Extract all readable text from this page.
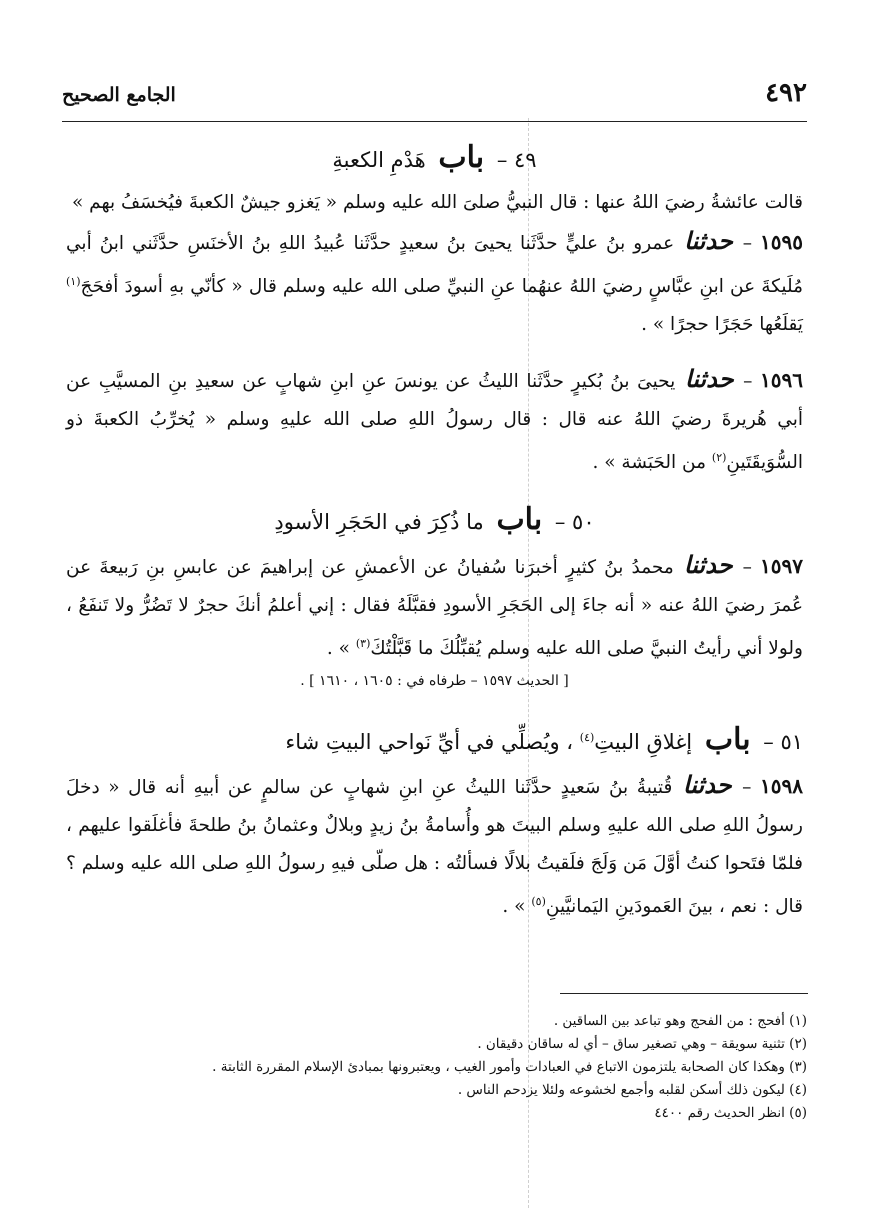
٤٩٢
الجامع الصحيح
٤٩ – باب هَدْمِ الكعبةِ

قالت عائشةُ رضيَ اللهُ عنها : قال النبيُّ صلىَ الله عليه وسلم « يَغزو جيشٌ الكعبةَ فيُخسَفُ بهم »

١٥٩٥ – حدثنا عمرو بنُ عليٍّ حدَّثَنا يحيىَ بنُ سعيدٍ حدَّثَنا عُبيدُ اللهِ بنُ الأخنَسِ حدَّثَني ابنُ أبي مُلَيكةَ عن ابنِ عبَّاسٍ رضيَ اللهُ عنهُما عنِ النبيِّ صلى الله عليه وسلم قال « كأنّي بهِ أسودَ أفحَجَ$^{(١)}$ يَقلَعُها حَجَرًا حجرًا » .

١٥٩٦ – حدثنا يحيىَ بنُ بُكيرٍ حدَّثَنا الليثُ عن يونسَ عنِ ابنِ شهابٍ عن سعيدِ بنِ المسيَّبِ عن أبي هُريرةَ رضيَ اللهُ عنه قال : قال رسولُ اللهِ صلى الله عليهِ وسلم « يُخرِّبُ الكعبةَ ذو السُّوَيقَتَينِ$^{(٢)}$ من الحَبَشة » .

٥٠ – باب ما ذُكِرَ في الحَجَرِ الأسودِ

١٥٩٧ – حدثنا محمدُ بنُ كثيرٍ أخبرَنا سُفيانُ عن الأعمشِ عن إبراهيمَ عن عابسِ بنِ رَبيعةَ عن عُمرَ رضيَ اللهُ عنه « أنه جاءَ إلى الحَجَرِ الأسودِ فقبَّلَهُ فقال : إني أعلمُ أنكَ حجرٌ لا تَضُرُّ ولا تَنفَعُ ، ولولا أني رأيتُ النبيَّ صلى الله عليه وسلم يُقبِّلُكَ ما قَبَّلْتُكَ$^{(٣)}$ » .

[ الحديث ١٥٩٧ – طرفاه في : ١٦٠٥ ، ١٦١٠ ] .

٥١ – باب إغلاقِ البيتِ$^{(٤)}$ ، ويُصلِّي في أيِّ نَواحي البيتِ شاء

١٥٩٨ – حدثنا قُتيبةُ بنُ سَعيدٍ حدَّثَنا الليثُ عنِ ابنِ شهابٍ عن سالمٍ عن أبيهِ أنه قال « دخلَ رسولُ اللهِ صلى الله عليهِ وسلم البيتَ هو وأُسامةُ بنُ زيدٍ وبلالٌ وعثمانُ بنُ طلحةَ فأغلَقوا عليهم ، فلمّا فتَحوا كنتُ أوَّلَ مَن وَلَجَ فلَقيتُ بلالًا فسألتُه : هل صلّى فيهِ رسولُ اللهِ صلى الله عليه وسلم ؟ قال : نعم ، بينَ العَمودَينِ اليَمانيَّينِ$^{(٥)}$ » .

(١) أفحج : من الفحج وهو تباعد بين الساقين .
(٢) تثنية سويقة – وهي تصغير ساق – أي له ساقان دقيقان .
(٣) وهكذا كان الصحابة يلتزمون الاتباع في العبادات وأمور الغيب ، ويعتبرونها بمبادئ الإسلام المقررة الثابتة .
(٤) ليكون ذلك أسكن لقلبه وأجمع لخشوعه ولئلا يزدحم الناس .
(٥) انظر الحديث رقم ٤٤٠٠
